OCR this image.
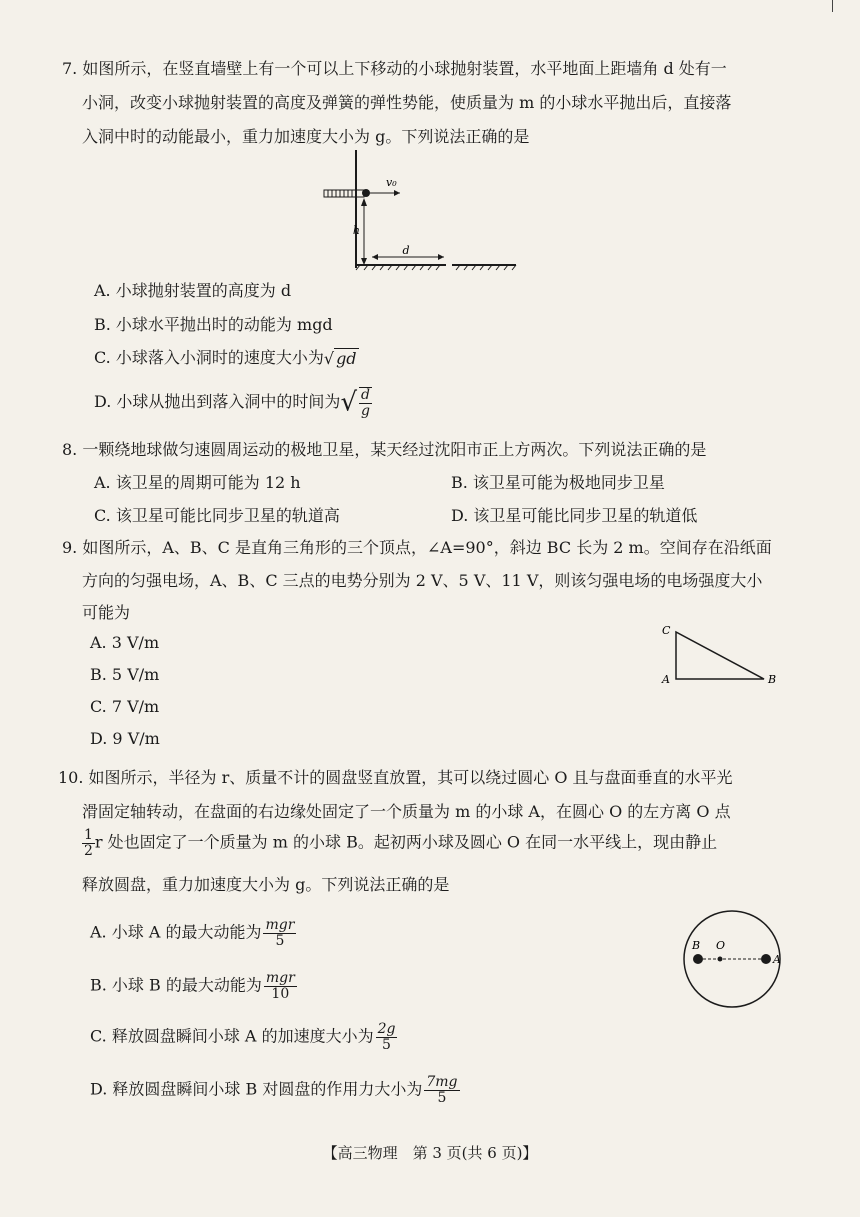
7. 如图所示，在竖直墙壁上有一个可以上下移动的小球抛射装置，水平地面上距墙角 d 处有一
小洞，改变小球抛射装置的高度及弹簧的弹性势能，使质量为 m 的小球水平抛出后，直接落
入洞中时的动能最小，重力加速度大小为 g。下列说法正确的是
v₀
h
d
A. 小球抛射装置的高度为 d
B. 小球水平抛出时的动能为 mgd
C. 小球落入小洞时的速度大小为√ gd
D. 小球从抛出到落入洞中的时间为√ $\frac{d}{g}$
8. 一颗绕地球做匀速圆周运动的极地卫星，某天经过沈阳市正上方两次。下列说法正确的是
A. 该卫星的周期可能为 12 h	B. 该卫星可能为极地同步卫星
C. 该卫星可能比同步卫星的轨道高	D. 该卫星可能比同步卫星的轨道低
9. 如图所示，A、B、C 是直角三角形的三个顶点，∠A=90°，斜边 BC 长为 2 m。空间存在沿纸面
方向的匀强电场，A、B、C 三点的电势分别为 2 V、5 V、11 V，则该匀强电场的电场强度大小
可能为
A. 3 V/m
B. 5 V/m
C. 7 V/m
D. 9 V/m
C
A	B
10. 如图所示，半径为 r、质量不计的圆盘竖直放置，其可以绕过圆心 O 且与盘面垂直的水平光
滑固定轴转动，在盘面的右边缘处固定了一个质量为 m 的小球 A，在圆心 O 的左方离 O 点
$\frac{1}{2}$ r 处也固定了一个质量为 m 的小球 B。起初两小球及圆心 O 在同一水平线上，现由静止
释放圆盘，重力加速度大小为 g。下列说法正确的是
A. 小球 A 的最大动能为 $\frac{\text{mgr}}{5}$
B. 小球 B 的最大动能为 $\frac{\text{mgr}}{10}$
C. 释放圆盘瞬间小球 A 的加速度大小为 $\frac{2g}{5}$
D. 释放圆盘瞬间小球 B 对圆盘的作用力大小为 $\frac{7mg}{5}$
B O
A
【高三物理　第 3 页(共 6 页)】
